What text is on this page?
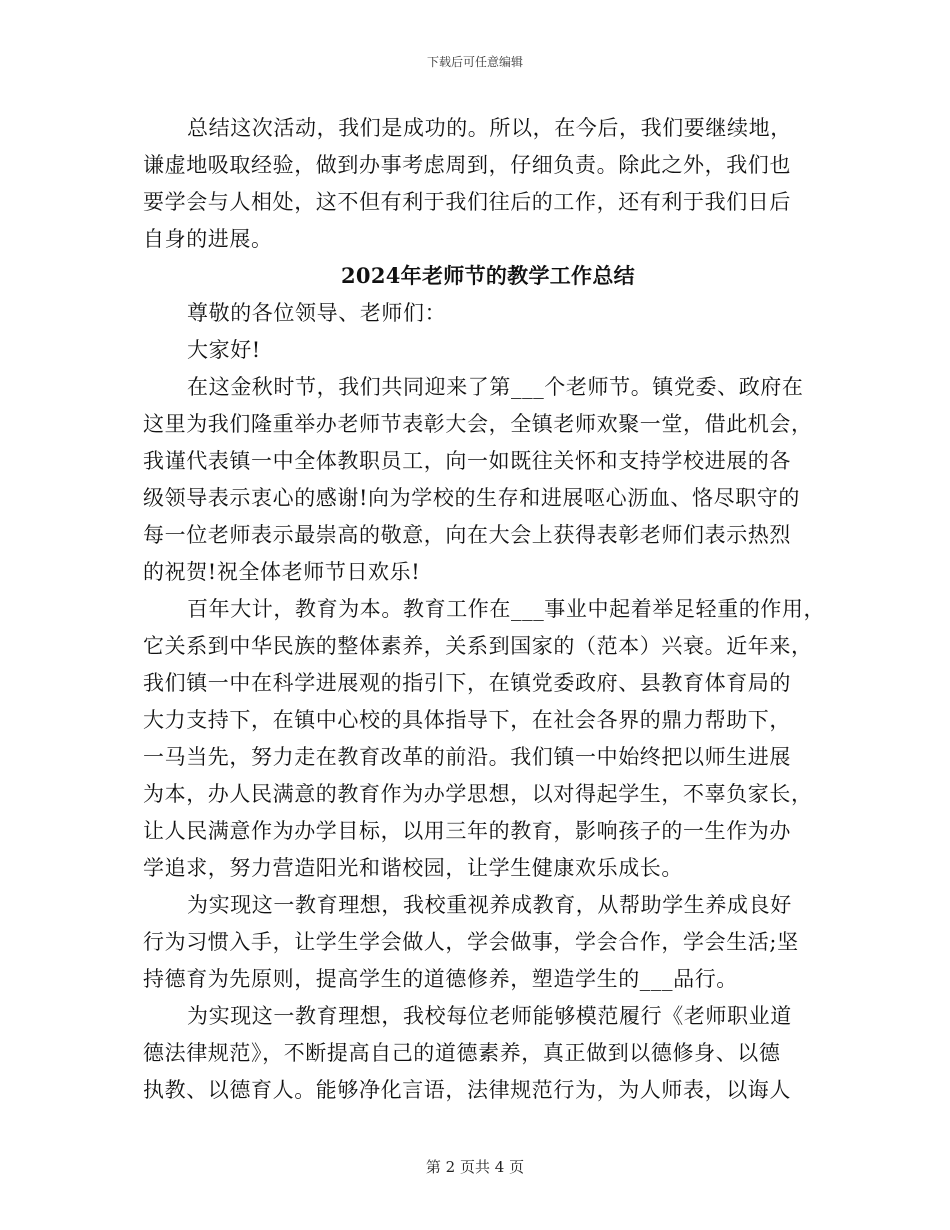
下载后可任意编辑
总结这次活动，我们是成功的。所以，在今后，我们要继续地，
谦虚地吸取经验，做到办事考虑周到，仔细负责。除此之外，我们也
要学会与人相处，这不但有利于我们往后的工作，还有利于我们日后
自身的进展。
2024年老师节的教学工作总结
尊敬的各位领导、老师们：
大家好!
在这金秋时节，我们共同迎来了第___个老师节。镇党委、政府在
这里为我们隆重举办老师节表彰大会，全镇老师欢聚一堂，借此机会，
我谨代表镇一中全体教职员工，向一如既往关怀和支持学校进展的各
级领导表示衷心的感谢!向为学校的生存和进展呕心沥血、恪尽职守的
每一位老师表示最崇高的敬意，向在大会上获得表彰老师们表示热烈
的祝贺!祝全体老师节日欢乐!
百年大计，教育为本。教育工作在___事业中起着举足轻重的作用，
它关系到中华民族的整体素养，关系到国家的（范本）兴衰。近年来，
我们镇一中在科学进展观的指引下，在镇党委政府、县教育体育局的
大力支持下，在镇中心校的具体指导下，在社会各界的鼎力帮助下，
一马当先，努力走在教育改革的前沿。我们镇一中始终把以师生进展
为本，办人民满意的教育作为办学思想，以对得起学生，不辜负家长，
让人民满意作为办学目标，以用三年的教育，影响孩子的一生作为办
学追求，努力营造阳光和谐校园，让学生健康欢乐成长。
为实现这一教育理想，我校重视养成教育，从帮助学生养成良好
行为习惯入手，让学生学会做人，学会做事，学会合作，学会生活;坚
持德育为先原则，提高学生的道德修养，塑造学生的___品行。
为实现这一教育理想，我校每位老师能够模范履行《老师职业道
德法律规范》，不断提高自己的道德素养，真正做到以德修身、以德
执教、以德育人。能够净化言语，法律规范行为，为人师表，以诲人
第 2 页共 4 页
